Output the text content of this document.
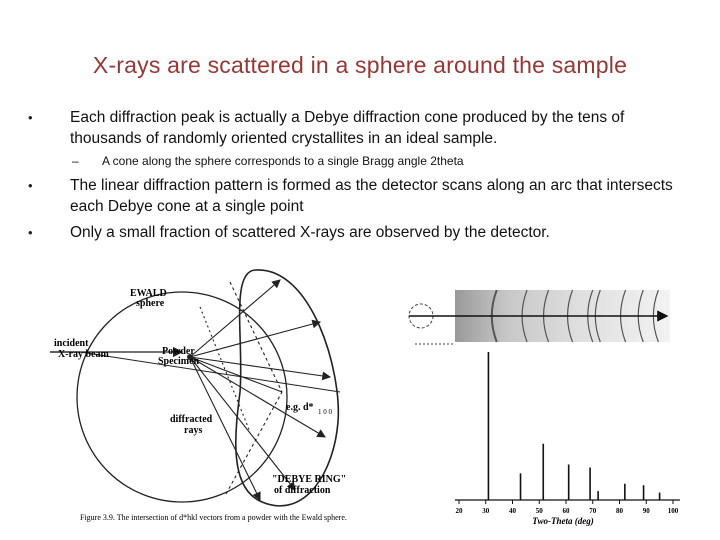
X-rays are scattered in a sphere around the sample
• Each diffraction peak is actually a Debye diffraction cone produced by the tens of thousands of randomly oriented crystallites in an ideal sample.
– A cone along the sphere corresponds to a single Bragg angle 2theta
• The linear diffraction pattern is formed as the detector scans along an arc that intersects each Debye cone at a single point
• Only a small fraction of scattered X-rays are observed by the detector.
EWALD
sphere
incident
X-ray beam	Powder
Specimen
diffracted
rays
e.g. d* 1 0 0
"DEBYE RING"
of diffraction
Figure 3.9. The intersection of d*hkl vectors from a powder with the Ewald sphere.
20	30	40	50	60	70	80	90	100
Two-Theta (deg)
